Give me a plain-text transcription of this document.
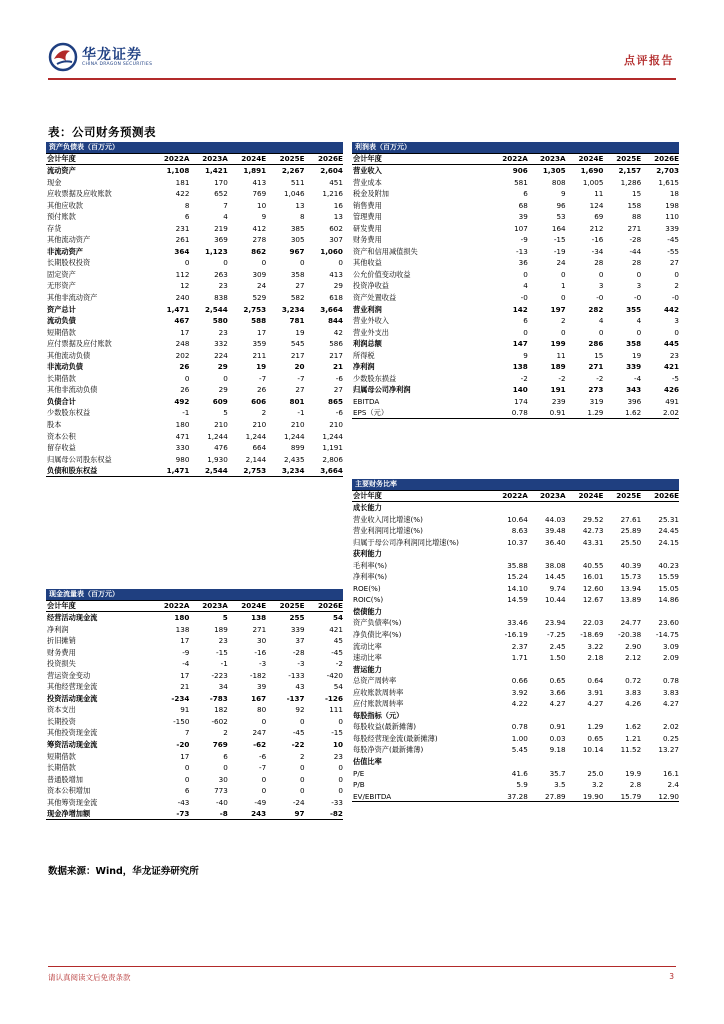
华龙证券
CHINA DRAGON SECURITIES	点评报告
表：公司财务预测表
资产负债表（百万元）
会计年度	2022A	2023A	2024E	2025E	2026E
流动资产	1,108	1,421	1,891	2,267	2,604
现金	181	170	413	511	451
应收票据及应收账款	422	652	769	1,046	1,216
其他应收款	8	7	10	13	16
预付账款	6	4	9	8	13
存货	231	219	412	385	602
其他流动资产	261	369	278	305	307
非流动资产	364	1,123	862	967	1,060
长期股权投资	0	0	0	0	0
固定资产	112	263	309	358	413
无形资产	12	23	24	27	29
其他非流动资产	240	838	529	582	618
资产总计	1,471	2,544	2,753	3,234	3,664
流动负债	467	580	588	781	844
短期借款	17	23	17	19	42
应付票据及应付账款	248	332	359	545	586
其他流动负债	202	224	211	217	217
非流动负债	26	29	19	20	21
长期借款	0	0	-7	-7	-6
其他非流动负债	26	29	26	27	27
负债合计	492	609	606	801	865
少数股东权益	-1	5	2	-1	-6
股本	180	210	210	210	210
资本公积	471	1,244	1,244	1,244	1,244
留存收益	330	476	664	899	1,191
归属母公司股东权益	980	1,930	2,144	2,435	2,806
负债和股东权益	1,471	2,544	2,753	3,234	3,664
利润表（百万元）
会计年度	2022A	2023A	2024E	2025E	2026E
营业收入	906	1,305	1,690	2,157	2,703
营业成本	581	808	1,005	1,286	1,615
税金及附加	6	9	11	15	18
销售费用	68	96	124	158	198
管理费用	39	53	69	88	110
研发费用	107	164	212	271	339
财务费用	-9	-15	-16	-28	-45
资产和信用减值损失	-13	-19	-34	-44	-55
其他收益	36	24	28	28	27
公允价值变动收益	0	0	0	0	0
投资净收益	4	1	3	3	2
资产处置收益	-0	0	-0	-0	-0
营业利润	142	197	282	355	442
营业外收入	6	2	4	4	3
营业外支出	0	0	0	0	0
利润总额	147	199	286	358	445
所得税	9	11	15	19	23
净利润	138	189	271	339	421
少数股东损益	-2	-2	-2	-4	-5
归属母公司净利润	140	191	273	343	426
EBITDA	174	239	319	396	491
EPS（元）	0.78	0.91	1.29	1.62	2.02
现金流量表（百万元）
会计年度	2022A	2023A	2024E	2025E	2026E
经营活动现金流	180	5	138	255	54
净利润	138	189	271	339	421
折旧摊销	17	23	30	37	45
财务费用	-9	-15	-16	-28	-45
投资损失	-4	-1	-3	-3	-2
营运资金变动	17	-223	-182	-133	-420
其他经营现金流	21	34	39	43	54
投资活动现金流	-234	-783	167	-137	-126
资本支出	91	182	80	92	111
长期投资	-150	-602	0	0	0
其他投资现金流	7	2	247	-45	-15
筹资活动现金流	-20	769	-62	-22	10
短期借款	17	6	-6	2	23
长期借款	0	0	-7	0	0
普通股增加	0	30	0	0	0
资本公积增加	6	773	0	0	0
其他筹资现金流	-43	-40	-49	-24	-33
现金净增加额	-73	-8	243	97	-82
主要财务比率
会计年度	2022A	2023A	2024E	2025E	2026E
成长能力
营业收入同比增速(%)	10.64	44.03	29.52	27.61	25.31
营业利润同比增速(%)	8.63	39.48	42.73	25.89	24.45
归属于母公司净利润同比增速(%)	10.37	36.40	43.31	25.50	24.15
获利能力
毛利率(%)	35.88	38.08	40.55	40.39	40.23
净利率(%)	15.24	14.45	16.01	15.73	15.59
ROE(%)	14.10	9.74	12.60	13.94	15.05
ROIC(%)	14.59	10.44	12.67	13.89	14.86
偿债能力
资产负债率(%)	33.46	23.94	22.03	24.77	23.60
净负债比率(%)	-16.19	-7.25	-18.69	-20.38	-14.75
流动比率	2.37	2.45	3.22	2.90	3.09
速动比率	1.71	1.50	2.18	2.12	2.09
营运能力
总资产周转率	0.66	0.65	0.64	0.72	0.78
应收账款周转率	3.92	3.66	3.91	3.83	3.83
应付账款周转率	4.22	4.27	4.27	4.26	4.27
每股指标（元）
每股收益(最新摊薄)	0.78	0.91	1.29	1.62	2.02
每股经营现金流(最新摊薄)	1.00	0.03	0.65	1.21	0.25
每股净资产(最新摊薄)	5.45	9.18	10.14	11.52	13.27
估值比率
P/E	41.6	35.7	25.0	19.9	16.1
P/B	5.9	3.5	3.2	2.8	2.4
EV/EBITDA	37.28	27.89	19.90	15.79	12.90
数据来源：Wind，华龙证券研究所
请认真阅读文后免责条款	3
